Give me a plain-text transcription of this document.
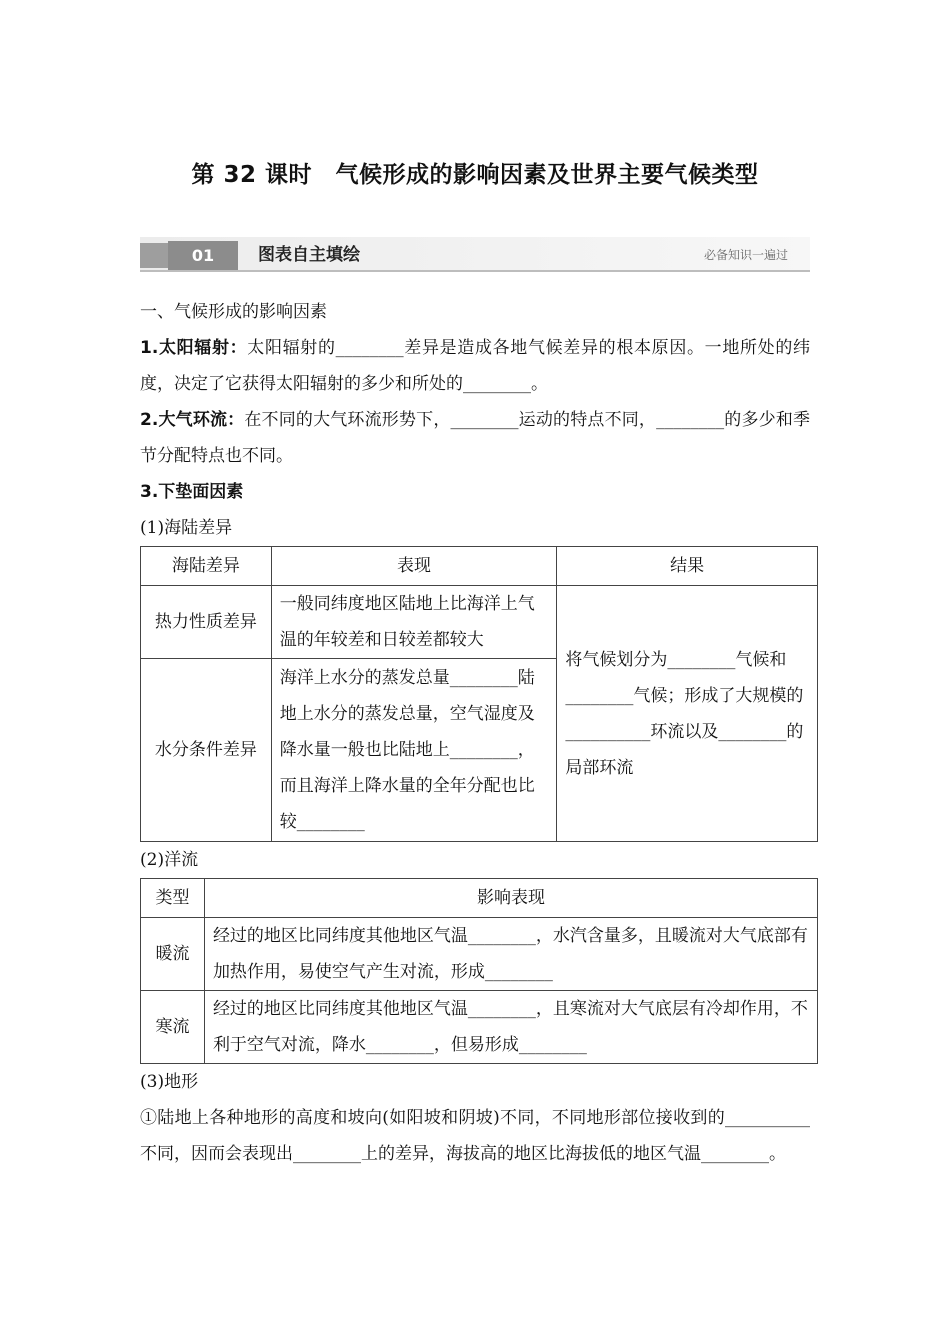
第 32 课时　气候形成的影响因素及世界主要气候类型
01	图表自主填绘	必备知识一遍过

一、气候形成的影响因素

1.太阳辐射：太阳辐射的________差异是造成各地气候差异的根本原因。一地所处的纬度，决定了它获得太阳辐射的多少和所处的________。

2.大气环流：在不同的大气环流形势下，________运动的特点不同，________的多少和季节分配特点也不同。

3.下垫面因素

(1)海陆差异

海陆差异	表现	结果
热力性质差异	一般同纬度地区陆地上比海洋上气温的年较差和日较差都较大	将气候划分为________气候和________气候；形成了大规模的__________环流以及________的局部环流
水分条件差异	海洋上水分的蒸发总量________陆地上水分的蒸发总量，空气湿度及降水量一般也比陆地上________，而且海洋上降水量的全年分配也比较________	

(2)洋流

类型	影响表现
暖流	经过的地区比同纬度其他地区气温________，水汽含量多，且暖流对大气底部有加热作用，易使空气产生对流，形成________
寒流	经过的地区比同纬度其他地区气温________，且寒流对大气底层有冷却作用，不利于空气对流，降水________，但易形成________

(3)地形

①陆地上各种地形的高度和坡向(如阳坡和阴坡)不同，不同地形部位接收到的__________不同，因而会表现出________上的差异，海拔高的地区比海拔低的地区气温________。
